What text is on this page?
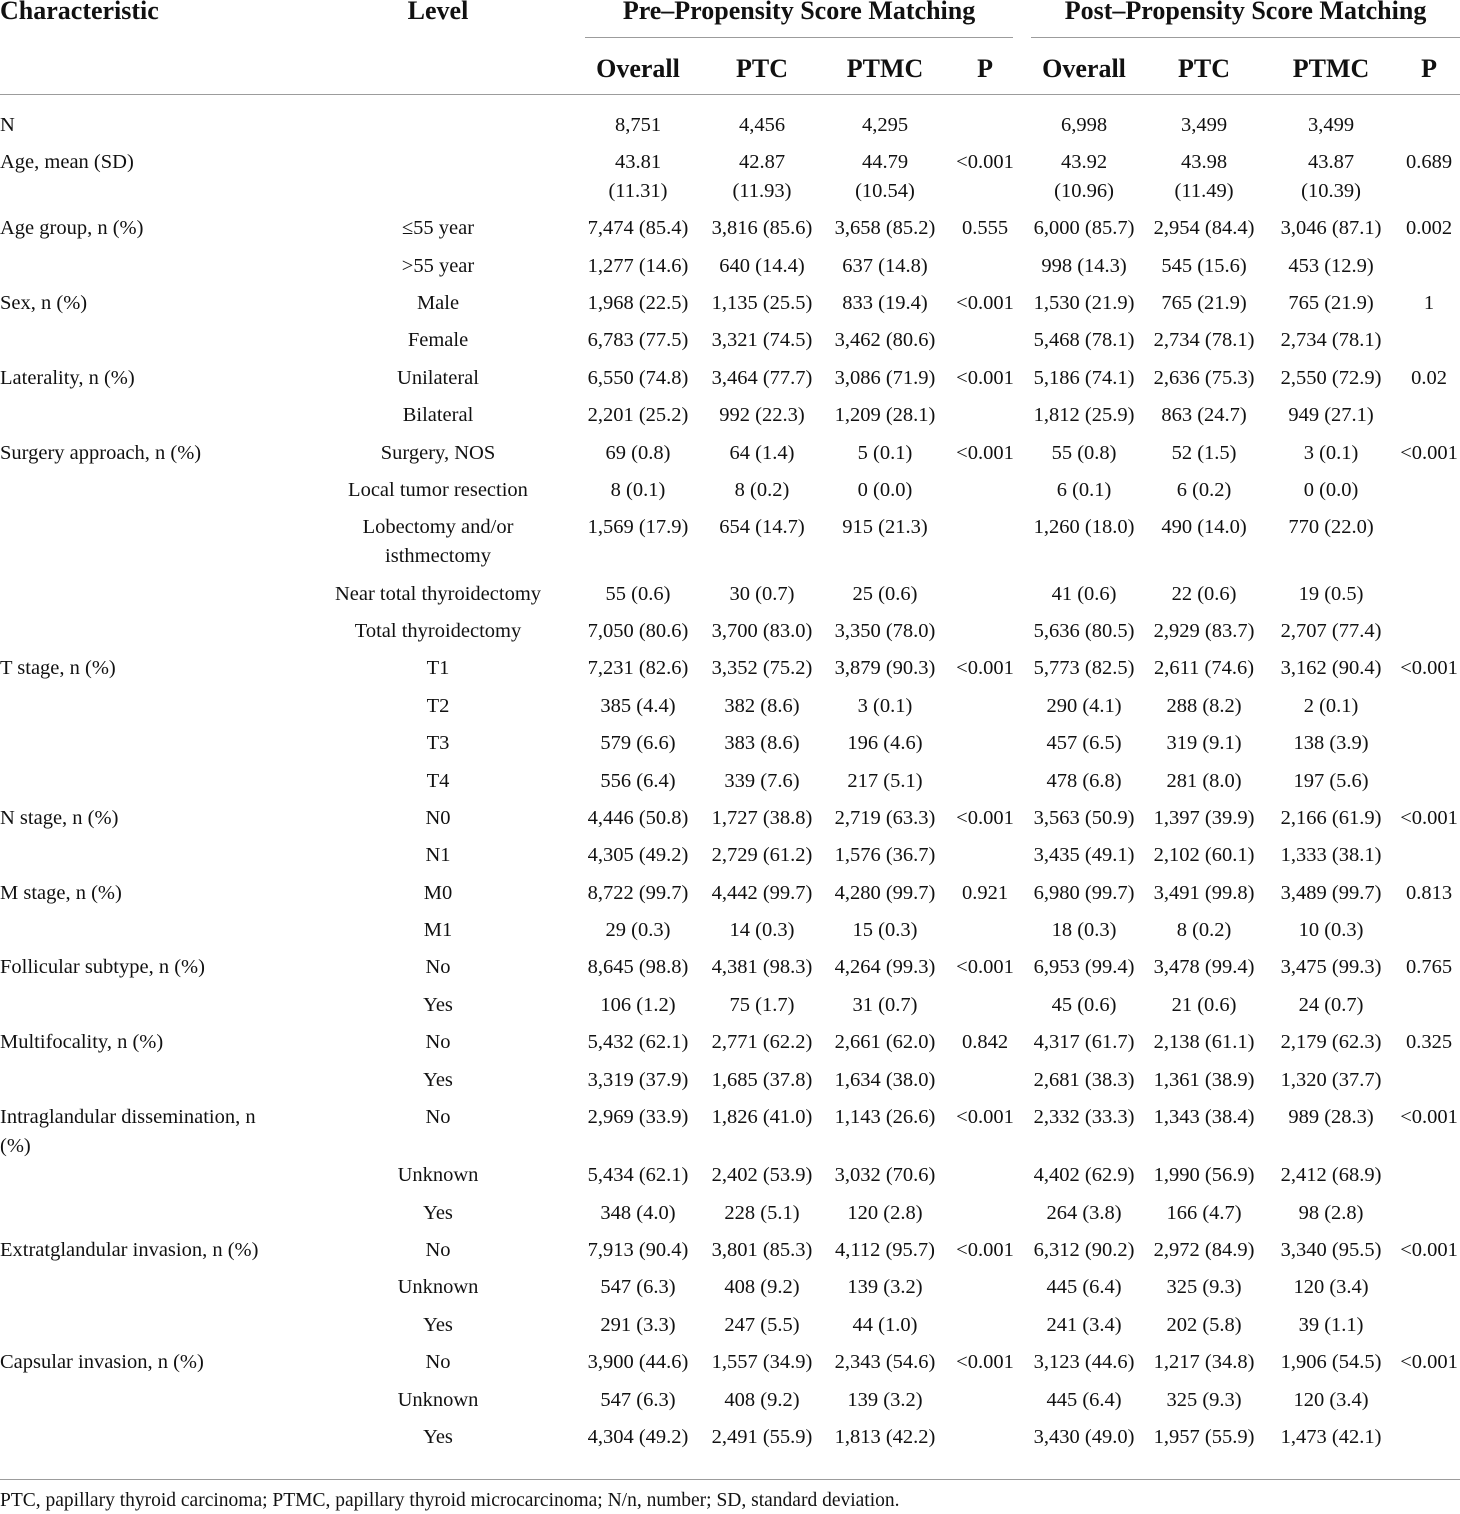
Characteristic	Level	Pre–Propensity Score Matching				Post–Propensity Score Matching			

		Overall	PTC	PTMC	P	Overall	PTC	PTMC	P

N		8,751	4,456	4,295		6,998	3,499	3,499	

Age, mean (SD)		43.81 (11.31)	42.87 (11.93)	44.79 (10.54)	<0.001	43.92 (10.96)	43.98 (11.49)	43.87 (10.39)	0.689

Age group, n (%)	≤55 year	7,474 (85.4)	3,816 (85.6)	3,658 (85.2)	0.555	6,000 (85.7)	2,954 (84.4)	3,046 (87.1)	0.002

	>55 year	1,277 (14.6)	640 (14.4)	637 (14.8)		998 (14.3)	545 (15.6)	453 (12.9)	

Sex, n (%)	Male	1,968 (22.5)	1,135 (25.5)	833 (19.4)	<0.001	1,530 (21.9)	765 (21.9)	765 (21.9)	1

	Female	6,783 (77.5)	3,321 (74.5)	3,462 (80.6)		5,468 (78.1)	2,734 (78.1)	2,734 (78.1)	

Laterality, n (%)	Unilateral	6,550 (74.8)	3,464 (77.7)	3,086 (71.9)	<0.001	5,186 (74.1)	2,636 (75.3)	2,550 (72.9)	0.02

	Bilateral	2,201 (25.2)	992 (22.3)	1,209 (28.1)		1,812 (25.9)	863 (24.7)	949 (27.1)	

Surgery approach, n (%)	Surgery, NOS	69 (0.8)	64 (1.4)	5 (0.1)	<0.001	55 (0.8)	52 (1.5)	3 (0.1)	<0.001

	Local tumor resection	8 (0.1)	8 (0.2)	0 (0.0)		6 (0.1)	6 (0.2)	0 (0.0)	

	Lobectomy and/or isthmectomy	1,569 (17.9)	654 (14.7)	915 (21.3)		1,260 (18.0)	490 (14.0)	770 (22.0)	

	Near total thyroidectomy	55 (0.6)	30 (0.7)	25 (0.6)		41 (0.6)	22 (0.6)	19 (0.5)	

	Total thyroidectomy	7,050 (80.6)	3,700 (83.0)	3,350 (78.0)		5,636 (80.5)	2,929 (83.7)	2,707 (77.4)	

T stage, n (%)	T1	7,231 (82.6)	3,352 (75.2)	3,879 (90.3)	<0.001	5,773 (82.5)	2,611 (74.6)	3,162 (90.4)	<0.001

	T2	385 (4.4)	382 (8.6)	3 (0.1)		290 (4.1)	288 (8.2)	2 (0.1)	

	T3	579 (6.6)	383 (8.6)	196 (4.6)		457 (6.5)	319 (9.1)	138 (3.9)	

	T4	556 (6.4)	339 (7.6)	217 (5.1)		478 (6.8)	281 (8.0)	197 (5.6)	

N stage, n (%)	N0	4,446 (50.8)	1,727 (38.8)	2,719 (63.3)	<0.001	3,563 (50.9)	1,397 (39.9)	2,166 (61.9)	<0.001

	N1	4,305 (49.2)	2,729 (61.2)	1,576 (36.7)		3,435 (49.1)	2,102 (60.1)	1,333 (38.1)	

M stage, n (%)	M0	8,722 (99.7)	4,442 (99.7)	4,280 (99.7)	0.921	6,980 (99.7)	3,491 (99.8)	3,489 (99.7)	0.813

	M1	29 (0.3)	14 (0.3)	15 (0.3)		18 (0.3)	8 (0.2)	10 (0.3)	

Follicular subtype, n (%)	No	8,645 (98.8)	4,381 (98.3)	4,264 (99.3)	<0.001	6,953 (99.4)	3,478 (99.4)	3,475 (99.3)	0.765

	Yes	106 (1.2)	75 (1.7)	31 (0.7)		45 (0.6)	21 (0.6)	24 (0.7)	

Multifocality, n (%)	No	5,432 (62.1)	2,771 (62.2)	2,661 (62.0)	0.842	4,317 (61.7)	2,138 (61.1)	2,179 (62.3)	0.325

	Yes	3,319 (37.9)	1,685 (37.8)	1,634 (38.0)		2,681 (38.3)	1,361 (38.9)	1,320 (37.7)	

Intraglandular dissemination, n (%)	No	2,969 (33.9)	1,826 (41.0)	1,143 (26.6)	<0.001	2,332 (33.3)	1,343 (38.4)	989 (28.3)	<0.001

	Unknown	5,434 (62.1)	2,402 (53.9)	3,032 (70.6)		4,402 (62.9)	1,990 (56.9)	2,412 (68.9)	

	Yes	348 (4.0)	228 (5.1)	120 (2.8)		264 (3.8)	166 (4.7)	98 (2.8)	

Extratglandular invasion, n (%)	No	7,913 (90.4)	3,801 (85.3)	4,112 (95.7)	<0.001	6,312 (90.2)	2,972 (84.9)	3,340 (95.5)	<0.001

	Unknown	547 (6.3)	408 (9.2)	139 (3.2)		445 (6.4)	325 (9.3)	120 (3.4)	

	Yes	291 (3.3)	247 (5.5)	44 (1.0)		241 (3.4)	202 (5.8)	39 (1.1)	

Capsular invasion, n (%)	No	3,900 (44.6)	1,557 (34.9)	2,343 (54.6)	<0.001	3,123 (44.6)	1,217 (34.8)	1,906 (54.5)	<0.001

	Unknown	547 (6.3)	408 (9.2)	139 (3.2)		445 (6.4)	325 (9.3)	120 (3.4)	

	Yes	4,304 (49.2)	2,491 (55.9)	1,813 (42.2)		3,430 (49.0)	1,957 (55.9)	1,473 (42.1)	
PTC, papillary thyroid carcinoma; PTMC, papillary thyroid microcarcinoma; N/n, number; SD, standard deviation.
